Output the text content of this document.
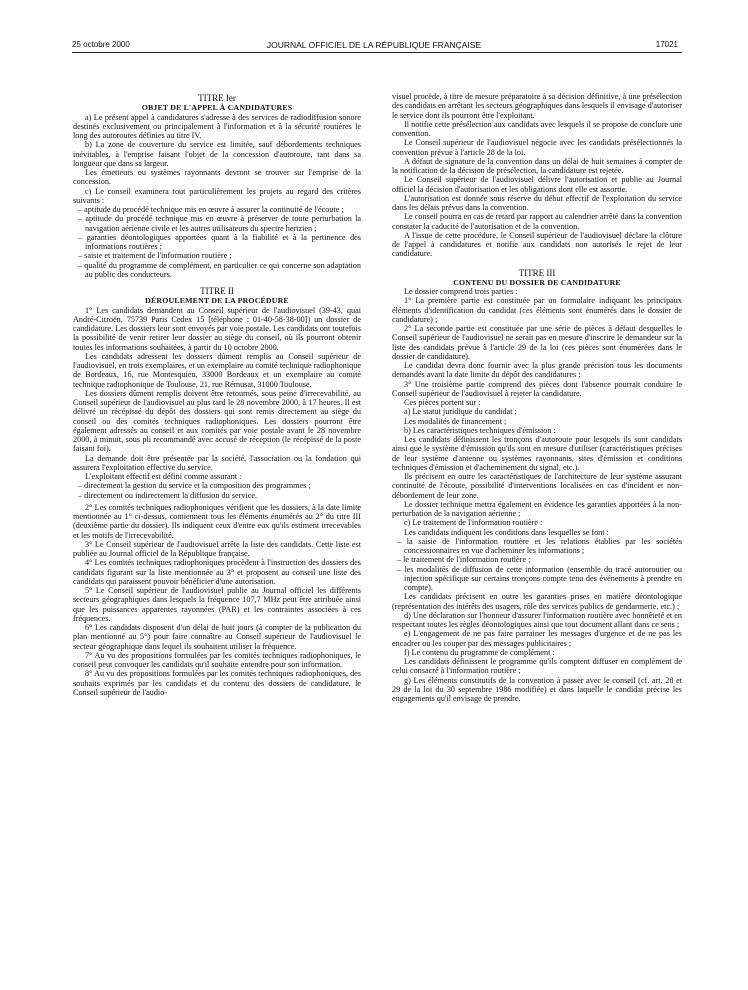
25 octobre 2000	JOURNAL OFFICIEL DE LA RÉPUBLIQUE FRANÇAISE	17021

TITRE Ier

OBJET DE L'APPEL À CANDIDATURES

a) Le présent appel à candidatures s'adresse à des services de radiodiffusion sonore destinés exclusivement ou principalement à l'information et à la sécurité routières le long des autoroutes définies au titre IV.

b) La zone de couverture du service est limitée, sauf débordements techniques inévitables, à l'emprise faisant l'objet de la concession d'autoroute, tant dans sa longueur que dans sa largeur.

Les émetteurs ou systèmes rayonnants devront se trouver sur l'emprise de la concession.

c) Le conseil examinera tout particulièrement les projets au regard des critères suivants :

– aptitude du procédé technique mis en œuvre à assurer la continuité de l'écoute ;
– aptitude du procédé technique mis en œuvre à préserver de toute perturbation la navigation aérienne civile et les autres utilisateurs du spectre hertzien ;
– garanties déontologiques apportées quant à la fiabilité et à la pertinence des informations routières ;
– saisie et traitement de l'information routière ;
– qualité du programme de complément, en particulier ce qui concerne son adaptation au public des conducteurs.

TITRE II

DÉROULEMENT DE LA PROCÉDURE

1° Les candidats demandent au Conseil supérieur de l'audiovisuel (39-43, quai André-Citroën, 75739 Paris Cedex 15 [téléphone : 01-40-58-38-00]) un dossier de candidature. Les dossiers leur sont envoyés par voie postale. Les candidats ont toutefois la possibilité de venir retirer leur dossier au siège du conseil, où ils pourront obtenir toutes les informations souhaitées, à partir du 10 octobre 2000.

Les candidats adressent les dossiers dûment remplis au Conseil supérieur de l'audiovisuel, en trois exemplaires, et un exemplaire au comité technique radiophonique de Bordeaux, 16, rue Montesquieu, 33000 Bordeaux et un exemplaire au comité technique radiophonique de Toulouse, 21, rue Rémusat, 31000 Toulouse.

Les dossiers dûment remplis doivent être retournés, sous peine d'irrecevabilité, au Conseil supérieur de l'audiovisuel au plus tard le 28 novembre 2000, à 17 heures. Il est délivré un récépissé du dépôt des dossiers qui sont remis directement au siège du conseil ou des comités techniques radiophoniques. Les dossiers pourront être également adressés au conseil et aux comités par voie postale avant le 28 novembre 2000, à minuit, sous pli recommandé avec accusé de réception (le récépissé de la poste faisant foi).

La demande doit être présentée par la société, l'association ou la fondation qui assurera l'exploitation effective du service.

L'exploitant effectif est défini comme assurant :

– directement la gestion du service et la composition des programmes ;
– directement ou indirectement la diffusion du service.

2° Les comités techniques radiophoniques vérifient que les dossiers, à la date limite mentionnée au 1° ci-dessus, contiennent tous les éléments énumérés au 2° du titre III (deuxième partie du dossier). Ils indiquent ceux d'entre eux qu'ils estiment irrecevables et les motifs de l'irrecevabilité.

3° Le Conseil supérieur de l'audiovisuel arrête la liste des candidats. Cette liste est publiée au Journal officiel de la République française.

4° Les comités techniques radiophoniques procèdent à l'instruction des dossiers des candidats figurant sur la liste mentionnée au 3° et proposent au conseil une liste des candidats qui paraissent pouvoir bénéficier d'une autorisation.

5° Le Conseil supérieur de l'audiovisuel publie au Journal officiel les différents secteurs géographiques dans lesquels la fréquence 107,7 MHz peut être attribuée ainsi que les puissances apparentes rayonnées (PAR) et les contraintes associées à ces fréquences.

6° Les candidats disposent d'un délai de huit jours (à compter de la publication du plan mentionné au 5°) pour faire connaître au Conseil supérieur de l'audiovisuel le secteur géographique dans lequel ils souhaitent utiliser la fréquence.

7° Au vu des propositions formulées par les comités techniques radiophoniques, le conseil peut convoquer les candidats qu'il souhaite entendre pour son information.

8° Au vu des propositions formulées par les comités techniques radiophoniques, des souhaits exprimés par les candidats et du contenu des dossiers de candidature, le Conseil supérieur de l'audio-

visuel procède, à titre de mesure préparatoire à sa décision définitive, à une présélection des candidats en arrêtant les secteurs géographiques dans lesquels il envisage d'autoriser le service dont ils pourront être l'exploitant.

Il notifie cette présélection aux candidats avec lesquels il se propose de conclure une convention.

Le Conseil supérieur de l'audiovisuel négocie avec les candidats présélectionnés la convention prévue à l'article 28 de la loi.

A défaut de signature de la convention dans un délai de huit semaines à compter de la notification de la décision de présélection, la candidature est rejetée.

Le Conseil supérieur de l'audiovisuel délivre l'autorisation et publie au Journal officiel la décision d'autorisation et les obligations dont elle est assortie.

L'autorisation est donnée sous réserve du début effectif de l'exploitation du service dans les délais prévus dans la convention.

Le conseil pourra en cas de retard par rapport au calendrier arrêté dans la convention constater la caducité de l'autorisation et de la convention.

A l'issue de cette procédure, le Conseil supérieur de l'audiovisuel déclare la clôture de l'appel à candidatures et notifie aux candidats non autorisés le rejet de leur candidature.

TITRE III

CONTENU DU DOSSIER DE CANDIDATURE

Le dossier comprend trois parties :

1° La première partie est constituée par un formulaire indiquant les principaux éléments d'identification du candidat (ces éléments sont énumérés dans le dossier de candidature) ;

2° La seconde partie est constituée par une série de pièces à défaut desquelles le Conseil supérieur de l'audiovisuel ne serait pas en mesure d'inscrire le demandeur sur la liste des candidats prévue à l'article 29 de la loi (ces pièces sont énumérées dans le dossier de candidature).

Le candidat devra donc fournir avec la plus grande précision tous les documents demandés avant la date limite du dépôt des candidatures ;

3° Une troisième partie comprend des pièces dont l'absence pourrait conduire le Conseil supérieur de l'audiovisuel à rejeter la candidature.

Ces pièces portent sur :

a) Le statut juridique du candidat ;

Les modalités de financement ;

b) Les caractéristiques techniques d'émission :

Les candidats définissent les tronçons d'autoroute pour lesquels ils sont candidats ainsi que le système d'émission qu'ils sont en mesure d'utiliser (caractéristiques précises de leur système d'antenne ou systèmes rayonnants, sites d'émission et conditions techniques d'émission et d'acheminement du signal, etc.).

Ils précisent en outre les caractéristiques de l'architecture de leur système assurant continuité de l'écoute, possibilité d'interventions localisées en cas d'incident et non-débordement de leur zone.

Le dossier technique mettra également en évidence les garanties apportées à la non-perturbation de la navigation aérienne ;

c) Le traitement de l'information routière :

Les candidats indiquent les conditions dans lesquelles se font :

– la saisie de l'information routière et les relations établies par les sociétés concessionnaires en vue d'acheminer les informations ;
– le traitement de l'information routière ;
– les modalités de diffusion de cette information (ensemble du tracé autoroutier ou injection spécifique sur certains tronçons compte tenu des événements à prendre en compte).

Les candidats précisent en outre les garanties prises en matière déontologique (représentation des intérêts des usagers, rôle des services publics de gendarmerie, etc.) ;

d) Une déclaration sur l'honneur d'assurer l'information routière avec honnêteté et en respectant toutes les règles déontologiques ainsi que tout document allant dans ce sens ;

e) L'engagement de ne pas faire parrainer les messages d'urgence et de ne pas les encadrer ou les couper par des messages publicitaires ;

f) Le contenu du programme de complément :

Les candidats définissent le programme qu'ils comptent diffuser en complément de celui consacré à l'information routière ;

g) Les éléments constitutifs de la convention à passer avec le conseil (cf. art. 28 et 29 de la loi du 30 septembre 1986 modifiée) et dans laquelle le candidat précise les engagements qu'il envisage de prendre.
